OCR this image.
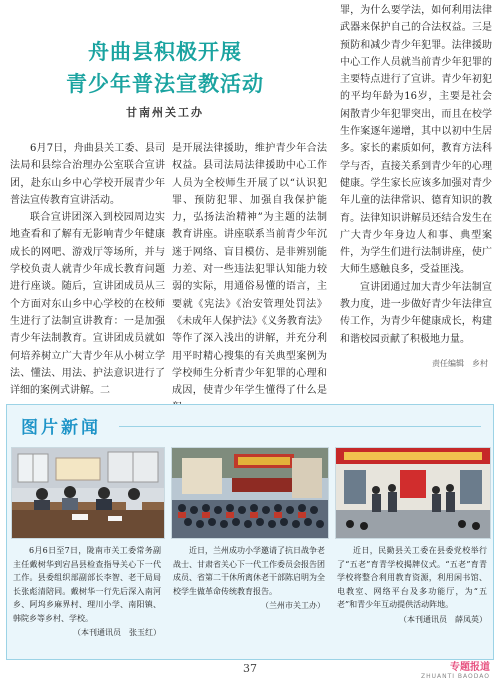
舟曲县积极开展
青少年普法宣教活动
甘南州关工办

6月7日，舟曲县关工委、县司法局和县综合治理办公室联合宣讲团，赴东山乡中心学校开展青少年普法宣传教育宣讲活动。

联合宣讲团深入到校园周边实地查看和了解有无影响青少年健康成长的网吧、游戏厅等场所，并与学校负责人就青少年成长教育问题进行座谈。随后，宣讲团成员从三个方面对东山乡中心学校的在校师生进行了法制宣讲教育：一是加强青少年法制教育。宣讲团成员就如何培养树立广大青少年从小树立学法、懂法、用法、护法意识进行了详细的案例式讲解。二

是开展法律援助，维护青少年合法权益。县司法局法律援助中心工作人员为全校师生开展了以“认识犯罪、预防犯罪、加强自我保护能力，弘扬法治精神”为主题的法制教育讲座。讲座联系当前青少年沉迷于网络、盲目模仿、是非辨别能力差、对一些违法犯罪认知能力较弱的实际，用通俗易懂的语言，主要就《宪法》《治安管理处罚法》《未成年人保护法》《义务教育法》等作了深入浅出的讲解，并充分利用平时精心搜集的有关典型案例为学校师生分析青少年犯罪的心理和成因，使青少年学生懂得了什么是

罪，为什么要学法，如何利用法律武器来保护自己的合法权益。三是预防和减少青少年犯罪。法律援助中心工作人员就当前青少年犯罪的主要特点进行了宣讲。青少年初犯的平均年龄为16岁，主要是社会闲散青少年犯罪突出，而且在校学生作案逐年递增，其中以初中生居多。家长的素质如何，教育方法科学与否，直接关系到青少年的心理健康。学生家长应该多加强对青少年儿童的法律常识、德育知识的教育。法律知识讲解员还结合发生在广大青少年身边人和事、典型案件，为学生们进行法制讲座，使广大师生感触良多，受益匪浅。

宣讲团通过加大青少年法制宣教力度，进一步做好青少年法律宣传工作，为青少年健康成长，构建和谐校园贡献了积极地力量。

责任编辑　乡村
图片新闻

6月6日至7日，陇南市关工委常务副主任戴树华到宕昌县检查指导关心下一代工作。县委组织部副部长李智、老干局局长张彪清陪同。戴树华一行先后深入南河乡、阿坞乡麻界村、理川小学、南阳镇、韩院乡等乡村、学校。

（本刊通讯员　张玉红）

近日，兰州成功小学邀请了抗日战争老战士、甘肃省关心下一代工作委员会报告团成员、省第二干休所离休老干部陈启明为全校学生做革命传统教育报告。

（兰州市关工办）

近日，民勤县关工委在县委党校举行了“五老”育青学校揭牌仪式。“五老”育青学校将整合利用教育资源，利用闲书馆、电教室、网络平台及多功能厅，为“五老”和青少年互动提供活动阵地。

（本刊通讯员　薛凤英）

37	专题报道
ZHUANTI BAODAO
